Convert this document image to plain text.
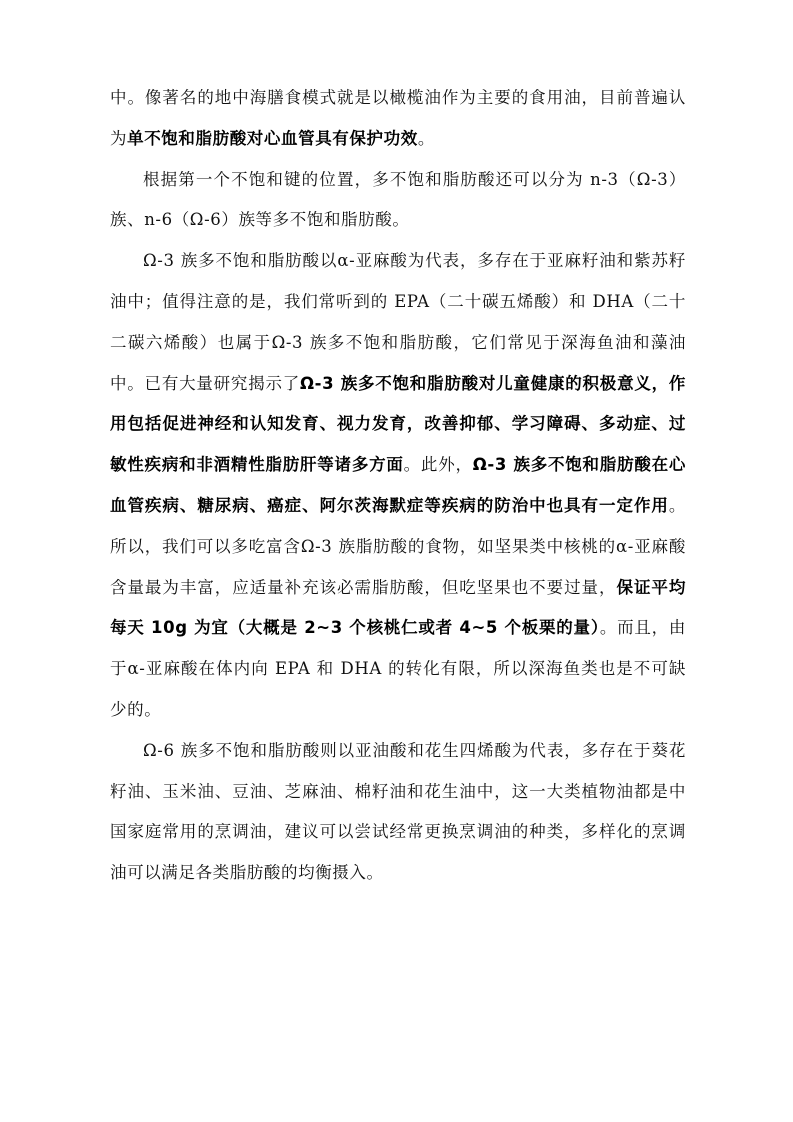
中。像著名的地中海膳食模式就是以橄榄油作为主要的食用油，目前普遍认为单不饱和脂肪酸对心血管具有保护功效。

根据第一个不饱和键的位置，多不饱和脂肪酸还可以分为 n-3（Ω-3）族、n-6（Ω-6）族等多不饱和脂肪酸。

Ω-3 族多不饱和脂肪酸以α-亚麻酸为代表，多存在于亚麻籽油和紫苏籽油中；值得注意的是，我们常听到的 EPA（二十碳五烯酸）和 DHA（二十二碳六烯酸）也属于Ω-3 族多不饱和脂肪酸，它们常见于深海鱼油和藻油中。已有大量研究揭示了Ω-3 族多不饱和脂肪酸对儿童健康的积极意义，作用包括促进神经和认知发育、视力发育，改善抑郁、学习障碍、多动症、过敏性疾病和非酒精性脂肪肝等诸多方面。此外，Ω-3 族多不饱和脂肪酸在心血管疾病、糖尿病、癌症、阿尔茨海默症等疾病的防治中也具有一定作用。所以，我们可以多吃富含Ω-3 族脂肪酸的食物，如坚果类中核桃的α-亚麻酸含量最为丰富，应适量补充该必需脂肪酸，但吃坚果也不要过量，保证平均每天 10g 为宜（大概是 2~3 个核桃仁或者 4~5 个板栗的量）。而且，由于α-亚麻酸在体内向 EPA 和 DHA 的转化有限，所以深海鱼类也是不可缺少的。

Ω-6 族多不饱和脂肪酸则以亚油酸和花生四烯酸为代表，多存在于葵花籽油、玉米油、豆油、芝麻油、棉籽油和花生油中，这一大类植物油都是中国家庭常用的烹调油，建议可以尝试经常更换烹调油的种类，多样化的烹调油可以满足各类脂肪酸的均衡摄入。
